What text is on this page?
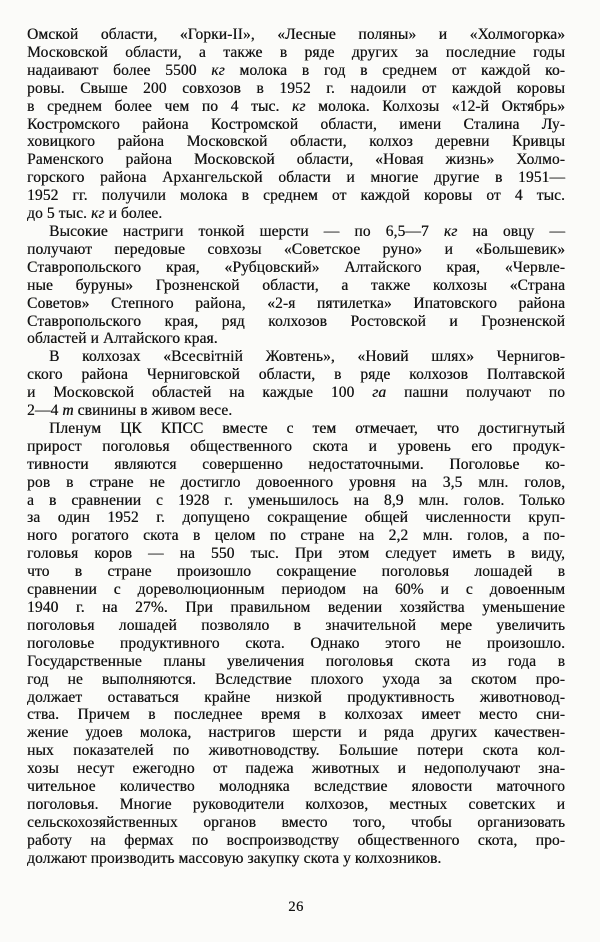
Омской области, «Горки-II», «Лесные поляны» и «Холмогорка»
Московской области, а также в ряде других за последние годы
надаивают более 5500 кг молока в год в среднем от каждой ко-
ровы. Свыше 200 совхозов в 1952 г. надоили от каждой коровы
в среднем более чем по 4 тыс. кг молока. Колхозы «12-й Октябрь»
Костромского района Костромской области, имени Сталина Лу-
ховицкого района Московской области, колхоз деревни Кривцы
Раменского района Московской области, «Новая жизнь» Холмо-
горского района Архангельской области и многие другие в 1951—
1952 гг. получили молока в среднем от каждой коровы от 4 тыс.
до 5 тыс. кг и более.
Высокие настриги тонкой шерсти — по 6,5—7 кг на овцу —
получают передовые совхозы «Советское руно» и «Большевик»
Ставропольского края, «Рубцовский» Алтайского края, «Червле-
ные буруны» Грозненской области, а также колхозы «Страна
Советов» Степного района, «2-я пятилетка» Ипатовского района
Ставропольского края, ряд колхозов Ростовской и Грозненской
областей и Алтайского края.
В колхозах «Всесвітній Жовтень», «Новий шлях» Чернигов-
ского района Черниговской области, в ряде колхозов Полтавской
и Московской областей на каждые 100 га пашни получают по
2—4 т свинины в живом весе.
Пленум ЦК КПСС вместе с тем отмечает, что достигнутый
прирост поголовья общественного скота и уровень его продук-
тивности являются совершенно недостаточными. Поголовье ко-
ров в стране не достигло довоенного уровня на 3,5 млн. голов,
а в сравнении с 1928 г. уменьшилось на 8,9 млн. голов. Только
за один 1952 г. допущено сокращение общей численности круп-
ного рогатого скота в целом по стране на 2,2 млн. голов, а по-
головья коров — на 550 тыс. При этом следует иметь в виду,
что в стране произошло сокращение поголовья лошадей в
сравнении с дореволюционным периодом на 60% и с довоенным
1940 г. на 27%. При правильном ведении хозяйства уменьшение
поголовья лошадей позволяло в значительной мере увеличить
поголовье продуктивного скота. Однако этого не произошло.
Государственные планы увеличения поголовья скота из года в
год не выполняются. Вследствие плохого ухода за скотом про-
должает оставаться крайне низкой продуктивность животновод-
ства. Причем в последнее время в колхозах имеет место сни-
жение удоев молока, настригов шерсти и ряда других качествен-
ных показателей по животноводству. Большие потери скота кол-
хозы несут ежегодно от падежа животных и недополучают зна-
чительное количество молодняка вследствие яловости маточного
поголовья. Многие руководители колхозов, местных советских и
сельскохозяйственных органов вместо того, чтобы организовать
работу на фермах по воспроизводству общественного скота, про-
должают производить массовую закупку скота у колхозников.
26
